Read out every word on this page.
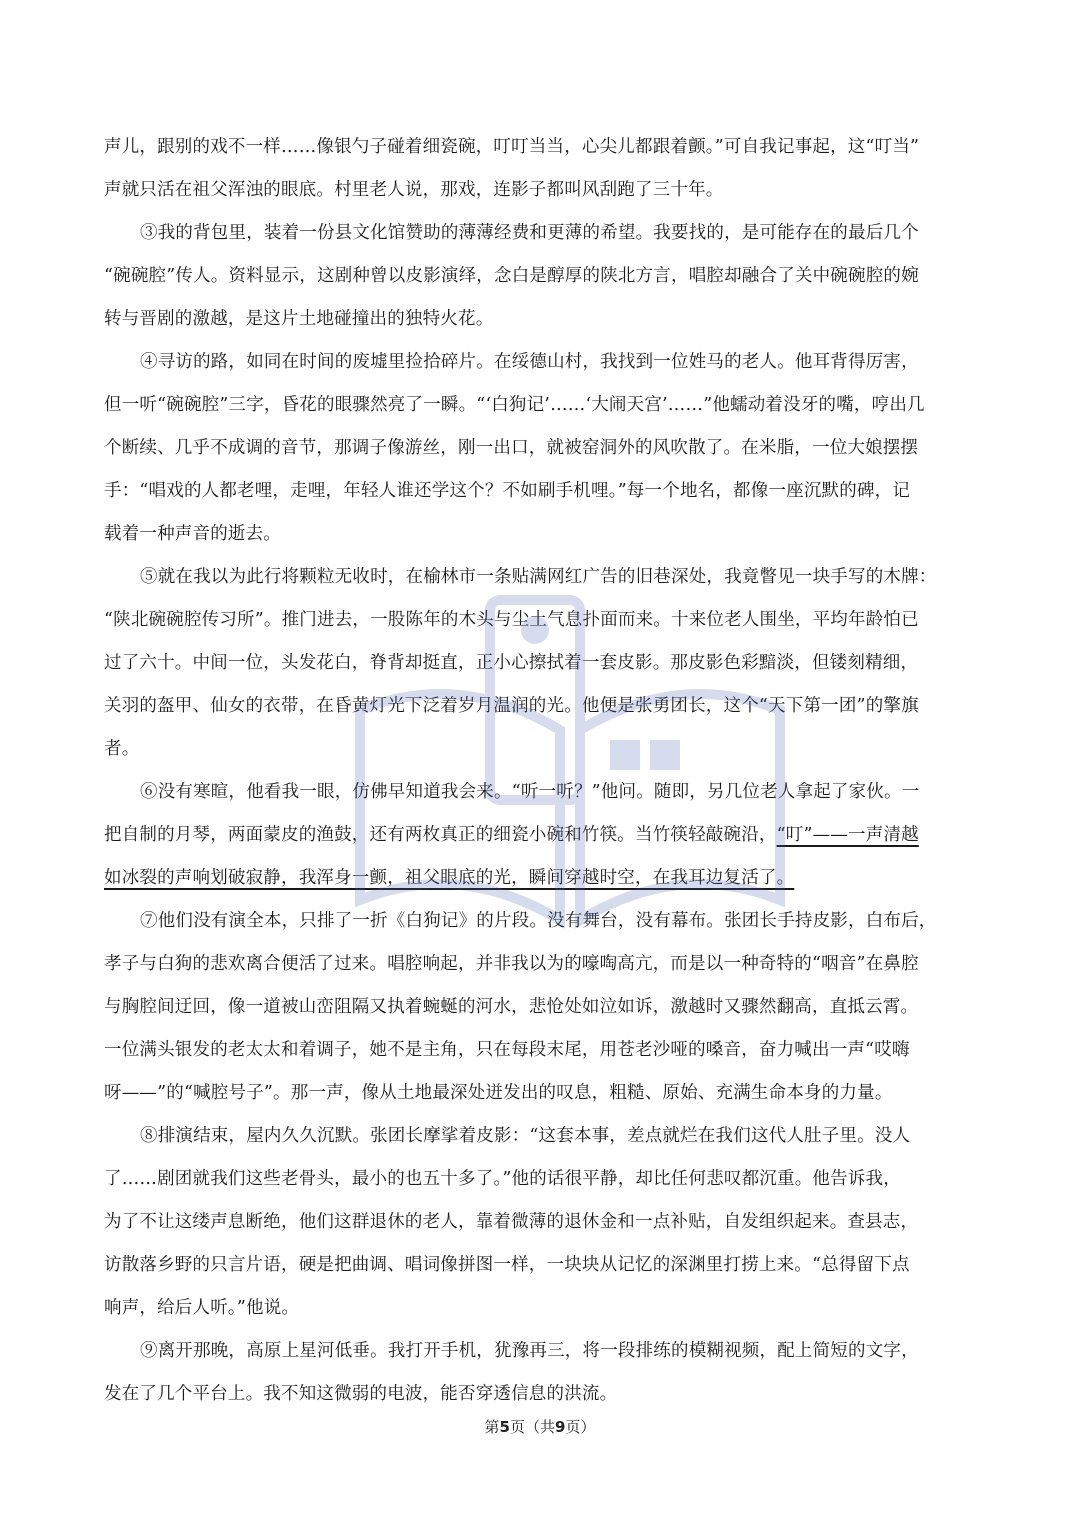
声儿，跟别的戏不一样……像银勺子碰着细瓷碗，叮叮当当，心尖儿都跟着颤。”可自我记事起，这“叮当”
声就只活在祖父浑浊的眼底。村里老人说，那戏，连影子都叫风刮跑了三十年。
③我的背包里，装着一份县文化馆赞助的薄薄经费和更薄的希望。我要找的，是可能存在的最后几个
“碗碗腔”传人。资料显示，这剧种曾以皮影演绎，念白是醇厚的陕北方言，唱腔却融合了关中碗碗腔的婉
转与晋剧的激越，是这片土地碰撞出的独特火花。
④寻访的路，如同在时间的废墟里捡拾碎片。在绥德山村，我找到一位姓马的老人。他耳背得厉害，
但一听“碗碗腔”三字，昏花的眼骤然亮了一瞬。“‘白狗记’……‘大闹天宫’……”他蠕动着没牙的嘴，哼出几
个断续、几乎不成调的音节，那调子像游丝，刚一出口，就被窑洞外的风吹散了。在米脂，一位大娘摆摆
手：“唱戏的人都老哩，走哩，年轻人谁还学这个？不如刷手机哩。”每一个地名，都像一座沉默的碑，记
载着一种声音的逝去。
⑤就在我以为此行将颗粒无收时，在榆林市一条贴满网红广告的旧巷深处，我竟瞥见一块手写的木牌：
“陕北碗碗腔传习所”。推门进去，一股陈年的木头与尘土气息扑面而来。十来位老人围坐，平均年龄怕已
过了六十。中间一位，头发花白，脊背却挺直，正小心擦拭着一套皮影。那皮影色彩黯淡，但镂刻精细，
关羽的盔甲、仙女的衣带，在昏黄灯光下泛着岁月温润的光。他便是张勇团长，这个“天下第一团”的擎旗
者。
⑥没有寒暄，他看我一眼，仿佛早知道我会来。“听一听？”他问。随即，另几位老人拿起了家伙。一
把自制的月琴，两面蒙皮的渔鼓，还有两枚真正的细瓷小碗和竹筷。当竹筷轻敲碗沿，“叮”——一声清越
如冰裂的声响划破寂静，我浑身一颤，祖父眼底的光，瞬间穿越时空，在我耳边复活了。
⑦他们没有演全本，只排了一折《白狗记》的片段。没有舞台，没有幕布。张团长手持皮影，白布后，
孝子与白狗的悲欢离合便活了过来。唱腔响起，并非我以为的嚎啕高亢，而是以一种奇特的“咽音”在鼻腔
与胸腔间迂回，像一道被山峦阻隔又执着蜿蜒的河水，悲怆处如泣如诉，激越时又骤然翻高，直抵云霄。
一位满头银发的老太太和着调子，她不是主角，只在每段末尾，用苍老沙哑的嗓音，奋力喊出一声“哎嗨
呀——”的“喊腔号子”。那一声，像从土地最深处迸发出的叹息，粗糙、原始、充满生命本身的力量。
⑧排演结束，屋内久久沉默。张团长摩挲着皮影：“这套本事，差点就烂在我们这代人肚子里。没人
了……剧团就我们这些老骨头，最小的也五十多了。”他的话很平静，却比任何悲叹都沉重。他告诉我，
为了不让这缕声息断绝，他们这群退休的老人，靠着微薄的退休金和一点补贴，自发组织起来。查县志，
访散落乡野的只言片语，硬是把曲调、唱词像拼图一样，一块块从记忆的深渊里打捞上来。“总得留下点
响声，给后人听。”他说。
⑨离开那晚，高原上星河低垂。我打开手机，犹豫再三，将一段排练的模糊视频，配上简短的文字，
发在了几个平台上。我不知这微弱的电波，能否穿透信息的洪流。
第5页（共9页）
